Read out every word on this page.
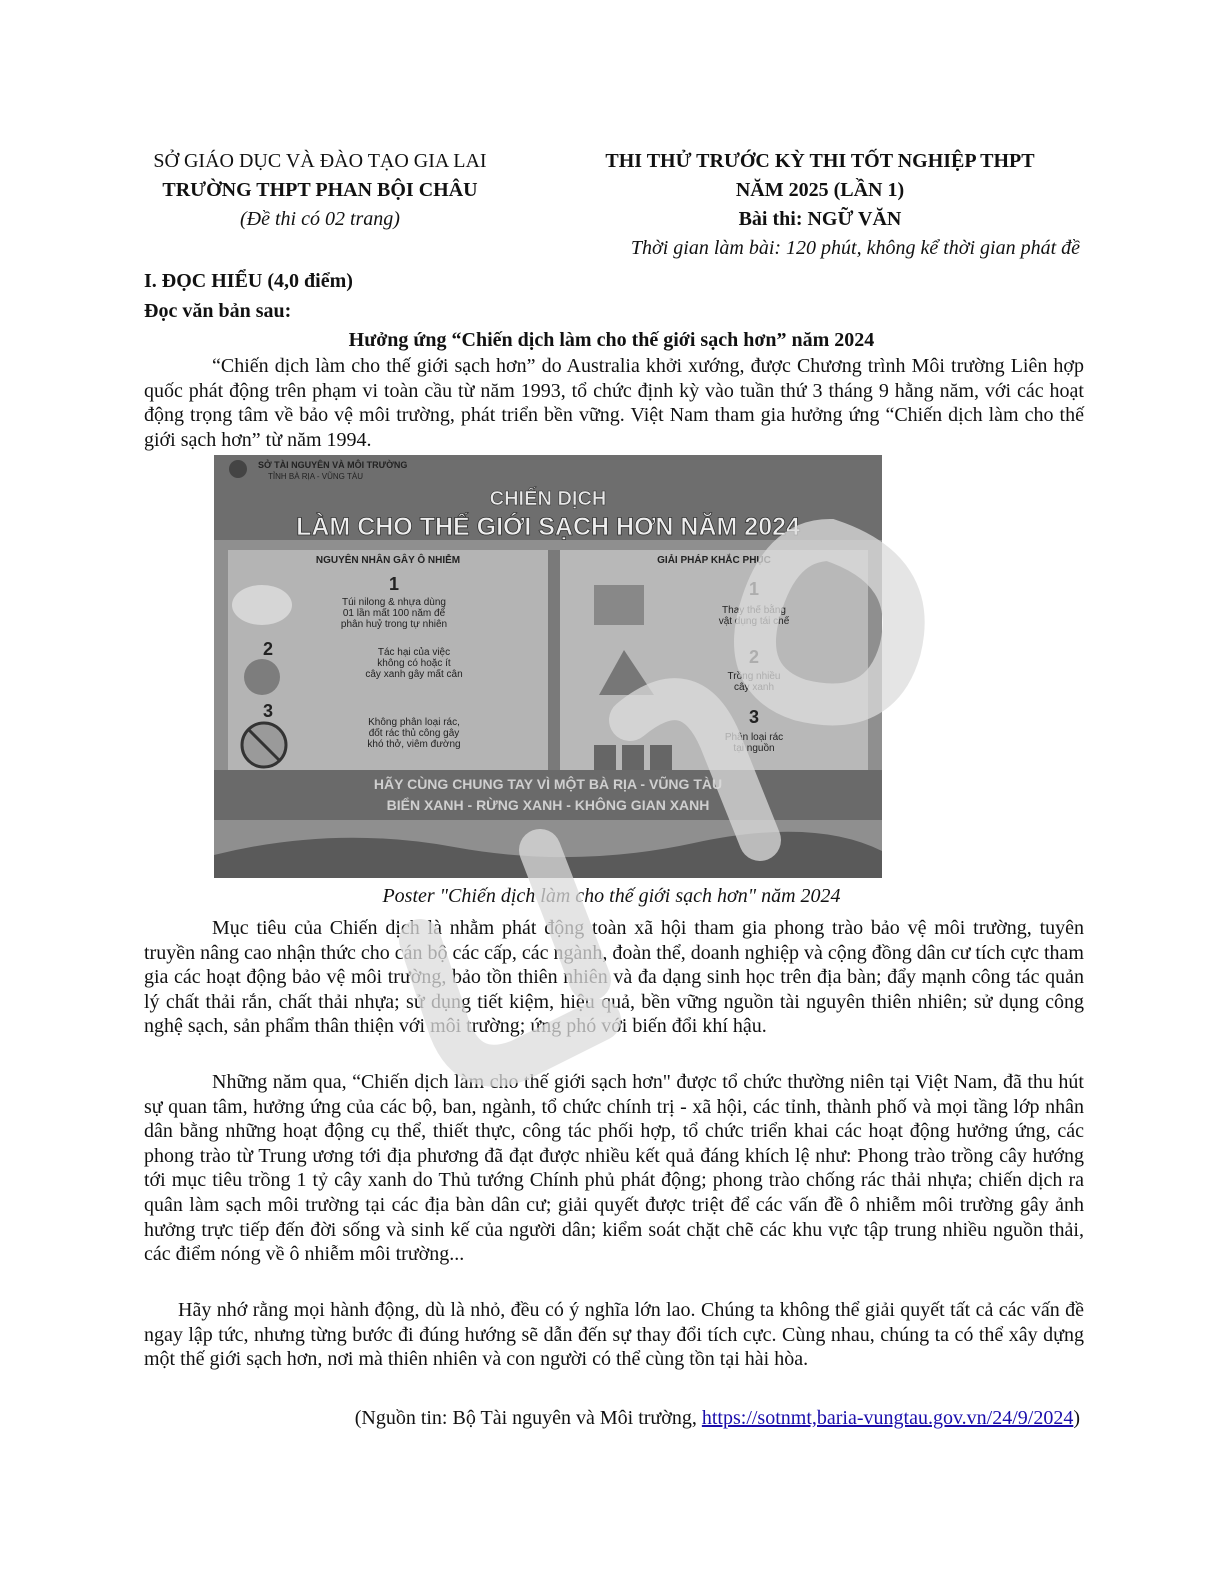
SỞ GIÁO DỤC VÀ ĐÀO TẠO GIA LAI
TRƯỜNG THPT PHAN BỘI CHÂU
(Đề thi có 02 trang)
THI THỬ TRƯỚC KỲ THI TỐT NGHIỆP THPT
NĂM 2025 (LẦN 1)
Bài thi: NGỮ VĂN
Thời gian làm bài: 120 phút, không kể thời gian phát đề
I. ĐỌC HIỂU (4,0 điểm)
Đọc văn bản sau:
Hưởng ứng “Chiến dịch làm cho thế giới sạch hơn” năm 2024

“Chiến dịch làm cho thế giới sạch hơn” do Australia khởi xướng, được Chương trình Môi trường Liên hợp quốc phát động trên phạm vi toàn cầu từ năm 1993, tổ chức định kỳ vào tuần thứ 3 tháng 9 hằng năm, với các hoạt động trọng tâm về bảo vệ môi trường, phát triển bền vững. Việt Nam tham gia hưởng ứng “Chiến dịch làm cho thế giới sạch hơn” từ năm 1994.

SỞ TÀI NGUYÊN VÀ MÔI TRƯỜNG
TỈNH BÀ RỊA - VŨNG TÀU
CHIẾN DỊCH
LÀM CHO THẾ GIỚI SẠCH HƠN NĂM 2024
NGUYÊN NHÂN GÂY Ô NHIỄM	GIẢI PHÁP KHẮC PHỤC
1
Túi nilong & nhựa dùng
01 lần mất 100 năm để
phân huỷ trong tự nhiên
2	Tác hại của việc
không có hoặc ít
cây xanh gây mất cân
3
Không phân loại rác,
đốt rác thủ công gây
khó thở, viêm đường
1
Thay thế bằng
vật dụng tái chế
2
Trồng nhiều
cây xanh
3
Phân loại rác
tại nguồn
HÃY CÙNG CHUNG TAY VÌ MỘT BÀ RỊA - VŨNG TÀU
BIỂN XANH - RỪNG XANH - KHÔNG GIAN XANH
Poster "Chiến dịch làm cho thế giới sạch hơn" năm 2024

Mục tiêu của Chiến dịch là nhằm phát động toàn xã hội tham gia phong trào bảo vệ môi trường, tuyên truyền nâng cao nhận thức cho cán bộ các cấp, các ngành, đoàn thể, doanh nghiệp và cộng đồng dân cư tích cực tham gia các hoạt động bảo vệ môi trường, bảo tồn thiên nhiên và đa dạng sinh học trên địa bàn; đẩy mạnh công tác quản lý chất thải rắn, chất thải nhựa; sử dụng tiết kiệm, hiệu quả, bền vững nguồn tài nguyên thiên nhiên; sử dụng công nghệ sạch, sản phẩm thân thiện với môi trường; ứng phó với biến đổi khí hậu.

Những năm qua, “Chiến dịch làm cho thế giới sạch hơn" được tổ chức thường niên tại Việt Nam, đã thu hút sự quan tâm, hưởng ứng của các bộ, ban, ngành, tổ chức chính trị - xã hội, các tỉnh, thành phố và mọi tầng lớp nhân dân bằng những hoạt động cụ thể, thiết thực, công tác phối hợp, tổ chức triển khai các hoạt động hưởng ứng, các phong trào từ Trung ương tới địa phương đã đạt được nhiều kết quả đáng khích lệ như: Phong trào trồng cây hướng tới mục tiêu trồng 1 tỷ cây xanh do Thủ tướng Chính phủ phát động; phong trào chống rác thải nhựa; chiến dịch ra quân làm sạch môi trường tại các địa bàn dân cư; giải quyết được triệt để các vấn đề ô nhiễm môi trường gây ảnh hưởng trực tiếp đến đời sống và sinh kế của người dân; kiểm soát chặt chẽ các khu vực tập trung nhiều nguồn thải, các điểm nóng về ô nhiễm môi trường...

Hãy nhớ rằng mọi hành động, dù là nhỏ, đều có ý nghĩa lớn lao. Chúng ta không thể giải quyết tất cả các vấn đề ngay lập tức, nhưng từng bước đi đúng hướng sẽ dẫn đến sự thay đổi tích cực. Cùng nhau, chúng ta có thể xây dựng một thế giới sạch hơn, nơi mà thiên nhiên và con người có thể cùng tồn tại hài hòa.

(Nguồn tin: Bộ Tài nguyên và Môi trường, https://sotnmt,baria-vungtau.gov.vn/24/9/2024)
